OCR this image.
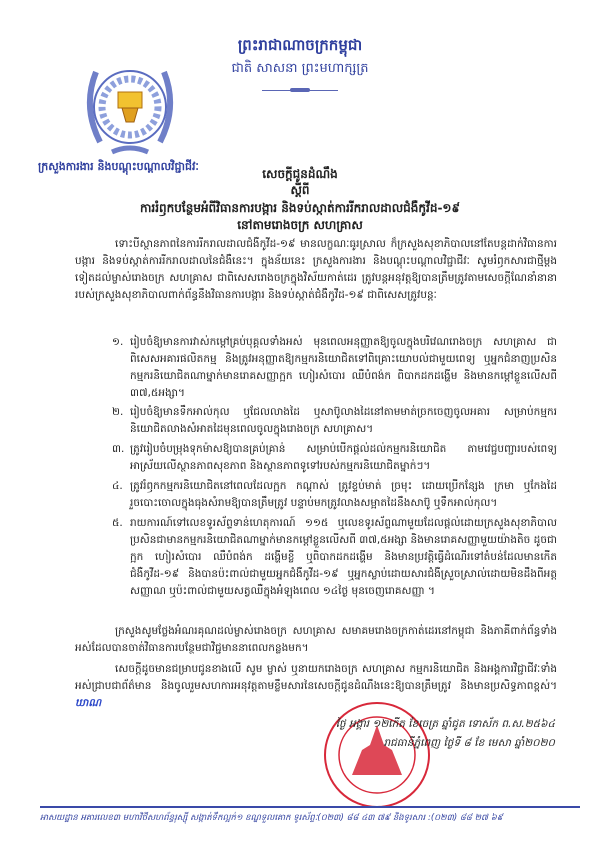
ព្រះរាជាណាចក្រកម្ពុជា
ជាតិ សាសនា ព្រះមហាក្សត្រ
ក្រសួងការងារ និងបណ្តុះបណ្តាលវិជ្ជាជីវៈ
សេចក្តីជូនដំណឹង
ស្តីពី
ការរំឭកបន្ថែមអំពីវិធានការបង្ការ និងទប់ស្កាត់ការរីករាលដាលជំងឺកូវីដ-១៩
នៅតាមរោងចក្រ សហគ្រាស
ទោះបីស្ថានភាពនៃការរីករាលដាលជំងឺកូវីដ-១៩ មានលក្ខណៈធូរស្រាល ក៏ក្រសួងសុខាភិបាលនៅតែបន្តដាក់វិធានការបង្ការ និងទប់ស្កាត់ការរីករាលដាលនៃជំងឺនេះ។ ក្នុងន័យនេះ ក្រសួងការងារ និងបណ្តុះបណ្តាលវិជ្ជាជីវៈ សូមរំឭកសារជាថ្មីម្តងទៀតដល់ម្ចាស់រោងចក្រ សហគ្រាស ជាពិសេសរោងចក្រក្នុងវិស័យកាត់ដេរ ត្រូវបន្តអនុវត្តឱ្យបានត្រឹមត្រូវតាមសេចក្តីណែនាំនានារបស់ក្រសួងសុខាភិបាលពាក់ព័ន្ធនឹងវិធានការបង្ការ និងទប់ស្កាត់ជំងឺកូវីដ-១៩ ជាពិសេសត្រូវបន្តៈ
១. រៀបចំឱ្យមានការវាស់កម្តៅគ្រប់បុគ្គលទាំងអស់ មុនពេលអនុញ្ញាតឱ្យចូលក្នុងបរិវេណរោងចក្រ សហគ្រាស ជាពិសេសអគារផលិតកម្ម និងត្រូវអនុញ្ញាតឱ្យកម្មករនិយោជិតទៅពិគ្រោះយោបល់ជាមួយពេទ្យ ឬអ្នកជំនាញប្រសិនកម្មករនិយោជិតណាម្នាក់មានរោគសញ្ញាក្អក ហៀរសំបោរ ឈឺបំពង់ក ពិបាកដកដង្ហើម និងមានកម្តៅខ្លួនលើសពី ៣៧,៥អង្សា។
២. រៀបចំឱ្យមានទឹកអាល់កុល ឬជែលលាងដៃ ឬសាប៊ូលាងដៃនៅតាមមាត់ច្រកចេញចូលអគារ សម្រាប់កម្មករនិយោជិតលាងសំអាតដៃមុនពេលចូលក្នុងរោងចក្រ សហគ្រាស។
៣. ត្រូវរៀបចំបម្រុងទុកម៉ាសឱ្យបានគ្រប់គ្រាន់ សម្រាប់បើកផ្តល់ដល់កម្មករនិយោជិត តាមវេជ្ជបញ្ជារបស់ពេទ្យអាស្រ័យលើស្ថានភាពសុខភាព និងស្ថានភាពទូទៅរបស់កម្មករនិយោជិតម្នាក់ៗ។
៤. ត្រូវរំឭកកម្មករនិយោជិតនៅពេលដែលក្អក កណ្តាស់ ត្រូវខ្ទប់មាត់ ច្រមុះ ដោយប្រើកន្សែង ក្រមា ឬកែងដៃ រួចបោះចោលក្នុងធុងសំរាមឱ្យបានត្រឹមត្រូវ បន្ទាប់មកត្រូវលាងសម្អាតដៃនឹងសាប៊ូ ឬទឹកអាល់កុល។
៥. រាយការណ៍ទៅលេខទូរស័ព្ទទាន់ហេតុការណ៍ ១១៥ ឬលេខទូរស័ព្ទណាមួយដែលផ្តល់ដោយក្រសួងសុខាភិបាល ប្រសិនជាមានកម្មករនិយោជិតណាម្នាក់មានកម្តៅខ្លួនលើសពី ៣៧,៥អង្សា និងមានរោគសញ្ញាមួយយ៉ាងតិច ដូចជាក្អក ហៀរសំបោរ ឈឺបំពង់ក ដង្ហើមខ្លី ឬពិបាកដកដង្ហើម និងមានប្រវត្តិធ្វើដំណើរទៅតំបន់ដែលមានកើតជំងឺកូវីដ-១៩ និងបានប៉ះពាល់ជាមួយអ្នកជំងឺកូវីដ-១៩ ឬអ្នកស្លាប់ដោយសារជំងឺស្រួចស្រាល់ដោយមិនដឹងពីអត្តសញ្ញាណ ឬប៉ះពាល់ជាមួយសត្វឈឺក្នុងអំឡុងពេល ១៤ថ្ងៃ មុនចេញរោគសញ្ញា ។
ក្រសួងសូមថ្លែងអំណរគុណដល់ម្ចាស់រោងចក្រ សហគ្រាស សមាគមរោងចក្រកាត់ដេរនៅកម្ពុជា និងភាគីពាក់ព័ន្ធទាំងអស់ដែលបានចាត់វិធានការបន្ថែមជាវិជ្ជមាននាពេលកន្លងមក។
សេចក្តីដូចមានជម្រាបជូនខាងលើ សូម ម្ចាស់ ឬនាយករោងចក្រ សហគ្រាស កម្មករនិយោជិត និងអង្គការវិជ្ជាជីវៈទាំងអស់ជ្រាបជាព័ត៌មាន និងចូលរួមសហការអនុវត្តតាមខ្លឹមសារនៃសេចក្តីជូនដំណឹងនេះឱ្យបានត្រឹមត្រូវ និងមានប្រសិទ្ធភាពខ្ពស់។ឃាណ
ថ្ងៃ អង្គារ ១២កើត ខែចេត្រ ឆ្នាំជូត ទោស័ក ព.ស.២៥៦៤
រាជធានីភ្នំពេញ ថ្ងៃទី ៨ ខែ មេសា ឆ្នាំ២០២០
អាសយដ្ឋាន អគារលេខ៣ មហាវិថីសហព័ន្ធរុស្ស៊ី សង្កាត់ទឹកល្អក់១ ខណ្ឌទួលគោក ទូរស័ព្ទៈ(០២៣) ៨៨ ៤៣ ៧៩ និងទូរសារ :(០២៣) ៨៨ ២៧ ៦៩
